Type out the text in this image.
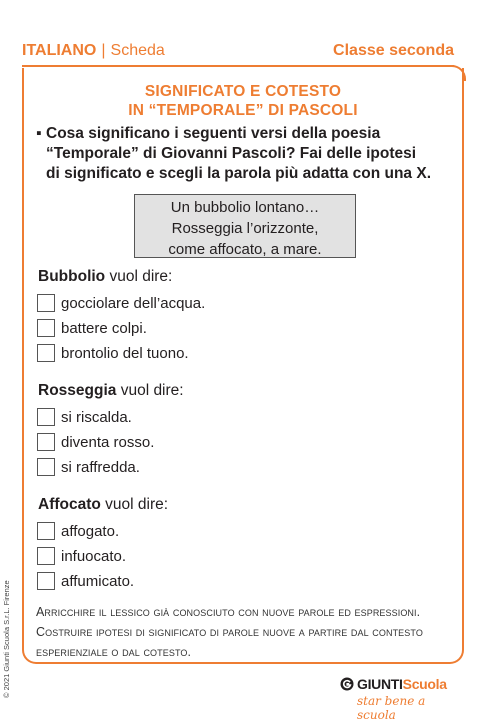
ITALIANO | Scheda	Classe seconda
SIGNIFICATO E COTESTO
IN “TEMPORALE” DI PASCOLI
▪ Cosa significano i seguenti versi della poesia “Temporale” di Giovanni Pascoli? Fai delle ipotesi di significato e scegli la parola più adatta con una X.
Un bubbolio lontano…
Rosseggia l’orizzonte,
come affocato, a mare.
Bubbolio vuol dire:
gocciolare dell’acqua.
battere colpi.
brontolio del tuono.
Rosseggia vuol dire:
si riscalda.
diventa rosso.
si raffredda.
Affocato vuol dire:
affogato.
infuocato.
affumicato.
Arricchire il lessico già conosciuto con nuove parole ed espressioni. Costruire ipotesi di significato di parole nuove a partire dal contesto esperienziale o dal cotesto.
© 2021 Giunti Scuola S.r.L. Firenze	GIUNTIScuola
star bene a scuola
